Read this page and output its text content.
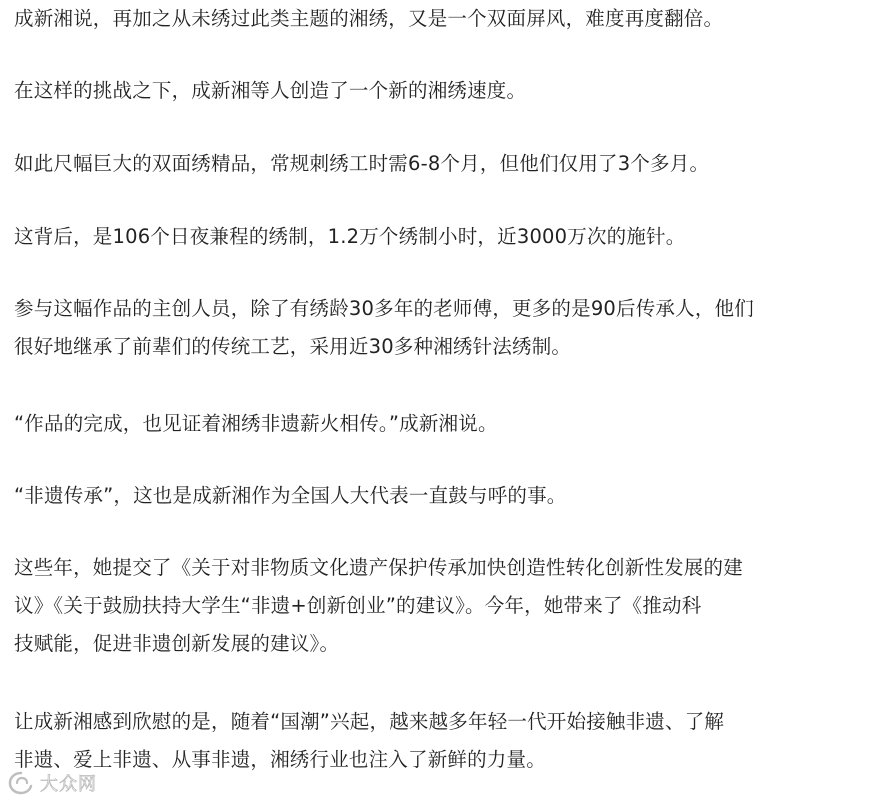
成新湘说，再加之从未绣过此类主题的湘绣，又是一个双面屏风，难度再度翻倍。

在这样的挑战之下，成新湘等人创造了一个新的湘绣速度。

如此尺幅巨大的双面绣精品，常规刺绣工时需6-8个月，但他们仅用了3个多月。

这背后，是106个日夜兼程的绣制，1.2万个绣制小时，近3000万次的施针。

参与这幅作品的主创人员，除了有绣龄30多年的老师傅，更多的是90后传承人，他们
很好地继承了前辈们的传统工艺，采用近30多种湘绣针法绣制。

“作品的完成，也见证着湘绣非遗薪火相传。”成新湘说。

“非遗传承”，这也是成新湘作为全国人大代表一直鼓与呼的事。

这些年，她提交了《关于对非物质文化遗产保护传承加快创造性转化创新性发展的建
议》《关于鼓励扶持大学生“非遗+创新创业”的建议》。今年，她带来了《推动科
技赋能，促进非遗创新发展的建议》。

让成新湘感到欣慰的是，随着“国潮”兴起，越来越多年轻一代开始接触非遗、了解
非遗、爱上非遗、从事非遗，湘绣行业也注入了新鲜的力量。

大众网
